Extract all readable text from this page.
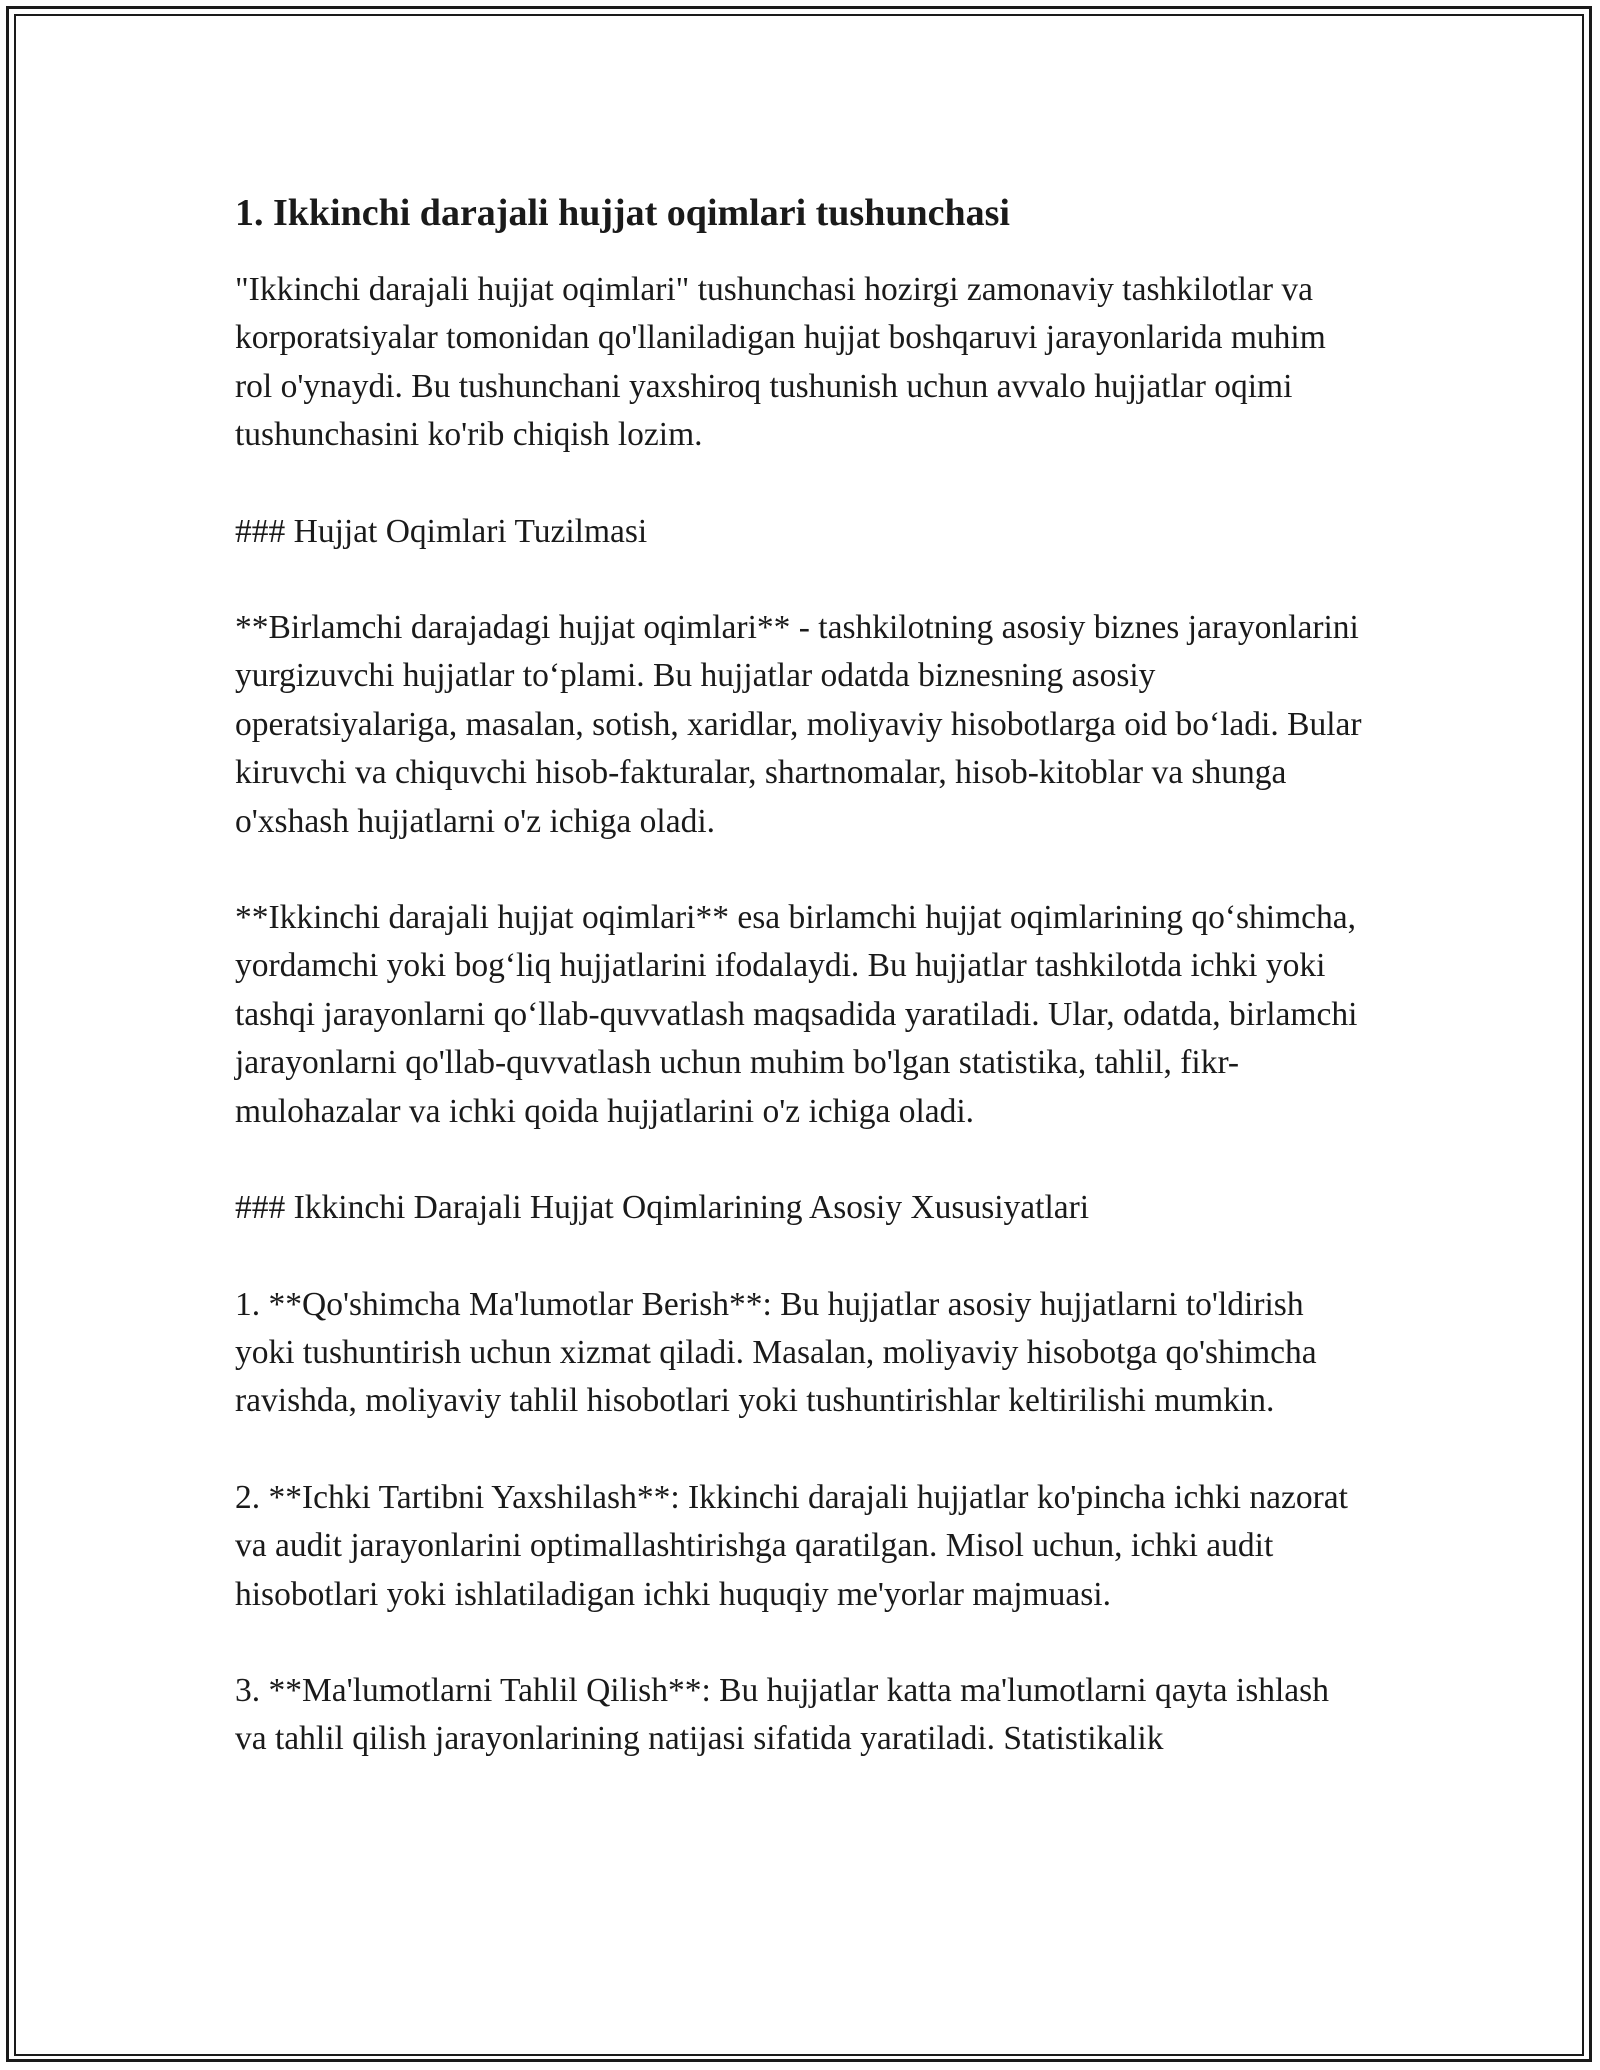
1. Ikkinchi darajali hujjat oqimlari tushunchasi

"Ikkinchi darajali hujjat oqimlari" tushunchasi hozirgi zamonaviy tashkilotlar va korporatsiyalar tomonidan qo'llaniladigan hujjat boshqaruvi jarayonlarida muhim rol o'ynaydi. Bu tushunchani yaxshiroq tushunish uchun avvalo hujjatlar oqimi tushunchasini ko'rib chiqish lozim.

### Hujjat Oqimlari Tuzilmasi

**Birlamchi darajadagi hujjat oqimlari** - tashkilotning asosiy biznes jarayonlarini yurgizuvchi hujjatlar to‘plami. Bu hujjatlar odatda biznesning asosiy operatsiyalariga, masalan, sotish, xaridlar, moliyaviy hisobotlarga oid bo‘ladi. Bular kiruvchi va chiquvchi hisob-fakturalar, shartnomalar, hisob-kitoblar va shunga o'xshash hujjatlarni o'z ichiga oladi.

**Ikkinchi darajali hujjat oqimlari** esa birlamchi hujjat oqimlarining qo‘shimcha, yordamchi yoki bog‘liq hujjatlarini ifodalaydi. Bu hujjatlar tashkilotda ichki yoki tashqi jarayonlarni qo‘llab-quvvatlash maqsadida yaratiladi. Ular, odatda, birlamchi jarayonlarni qo'llab-quvvatlash uchun muhim bo'lgan statistika, tahlil, fikr-mulohazalar va ichki qoida hujjatlarini o'z ichiga oladi.

### Ikkinchi Darajali Hujjat Oqimlarining Asosiy Xususiyatlari

1. **Qo'shimcha Ma'lumotlar Berish**: Bu hujjatlar asosiy hujjatlarni to'ldirish yoki tushuntirish uchun xizmat qiladi. Masalan, moliyaviy hisobotga qo'shimcha ravishda, moliyaviy tahlil hisobotlari yoki tushuntirishlar keltirilishi mumkin.

2. **Ichki Tartibni Yaxshilash**: Ikkinchi darajali hujjatlar ko'pincha ichki nazorat va audit jarayonlarini optimallashtirishga qaratilgan. Misol uchun, ichki audit hisobotlari yoki ishlatiladigan ichki huquqiy me'yorlar majmuasi.

3. **Ma'lumotlarni Tahlil Qilish**: Bu hujjatlar katta ma'lumotlarni qayta ishlash va tahlil qilish jarayonlarining natijasi sifatida yaratiladi. Statistikalik
